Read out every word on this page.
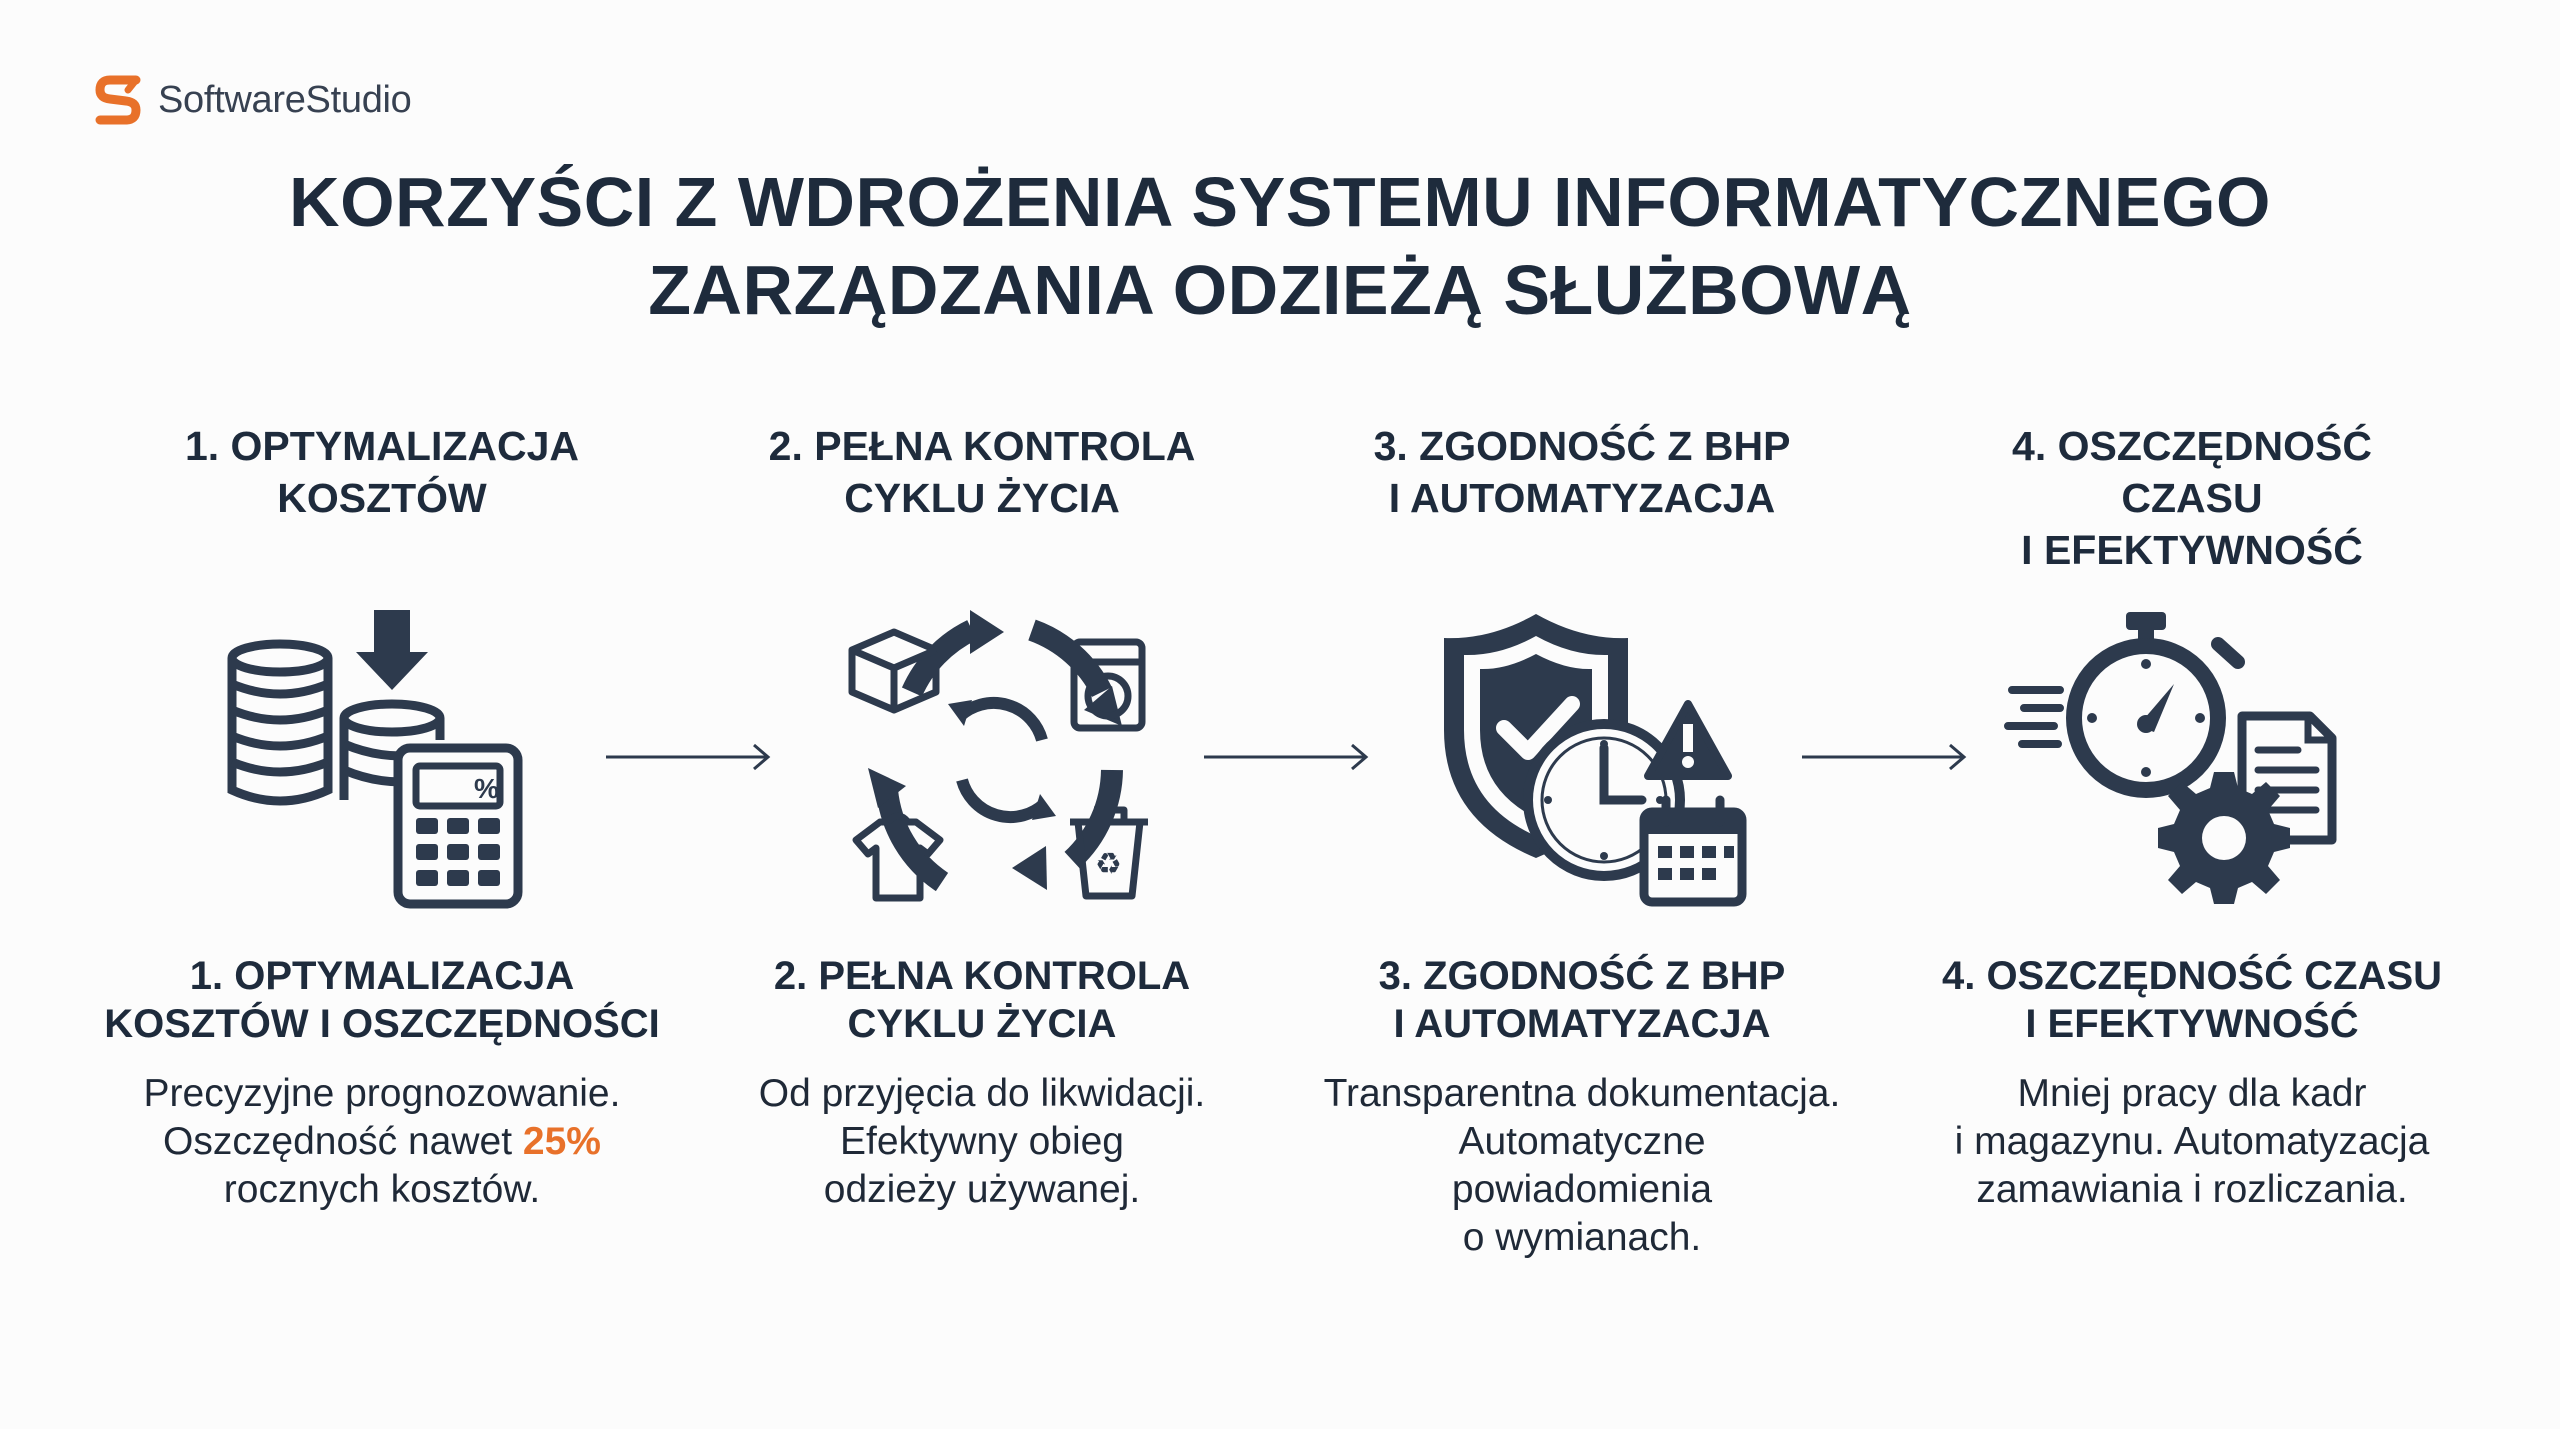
SoftwareStudio
KORZYŚCI Z WDROŻENIA SYSTEMU INFORMATYCZNEGO
ZARZĄDZANIA ODZIEŻĄ SŁUŻBOWĄ
1. OPTYMALIZACJA
KOSZTÓW
%
1. OPTYMALIZACJA
KOSZTÓW I OSZCZĘDNOŚCI
Precyzyjne prognozowanie.
Oszczędność nawet 25%
rocznych kosztów.
2. PEŁNA KONTROLA
CYKLU ŻYCIA
♻
2. PEŁNA KONTROLA
CYKLU ŻYCIA
Od przyjęcia do likwidacji.
Efektywny obieg
odzieży używanej.
3. ZGODNOŚĆ Z BHP
I AUTOMATYZACJA
3. ZGODNOŚĆ Z BHP
I AUTOMATYZACJA
Transparentna dokumentacja.
Automatyczne
powiadomienia
o wymianach.
4. OSZCZĘDNOŚĆ
CZASU
I EFEKTYWNOŚĆ
4. OSZCZĘDNOŚĆ CZASU
I EFEKTYWNOŚĆ
Mniej pracy dla kadr
i magazynu. Automatyzacja
zamawiania i rozliczania.
